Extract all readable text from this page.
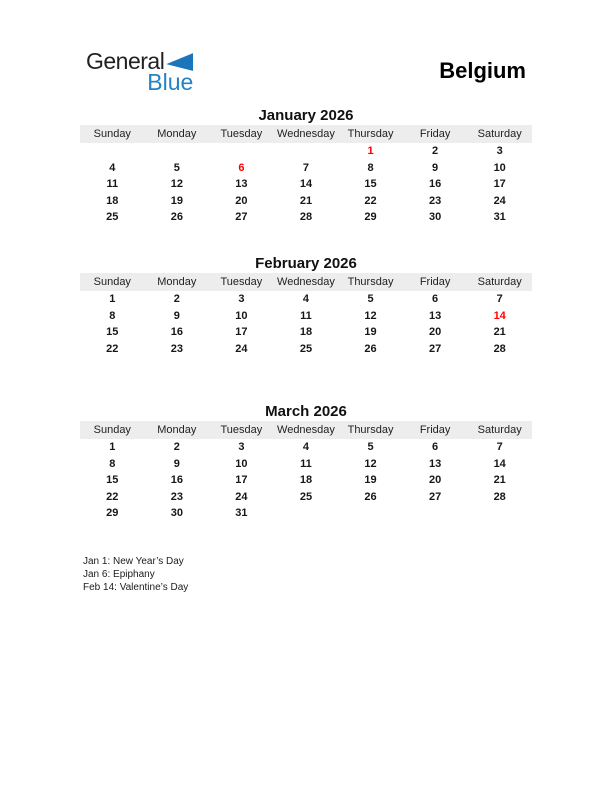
General
Blue	Belgium
January 2026
Sunday	Monday	Tuesday	Wednesday	Thursday	Friday	Saturday
				1	2	3
4	5	6	7	8	9	10
11	12	13	14	15	16	17
18	19	20	21	22	23	24
25	26	27	28	29	30	31
February 2026
Sunday	Monday	Tuesday	Wednesday	Thursday	Friday	Saturday
1	2	3	4	5	6	7
8	9	10	11	12	13	14
15	16	17	18	19	20	21
22	23	24	25	26	27	28
March 2026
Sunday	Monday	Tuesday	Wednesday	Thursday	Friday	Saturday
1	2	3	4	5	6	7
8	9	10	11	12	13	14
15	16	17	18	19	20	21
22	23	24	25	26	27	28
29	30	31				
Jan 1: New Year’s Day
Jan 6: Epiphany
Feb 14: Valentine’s Day
